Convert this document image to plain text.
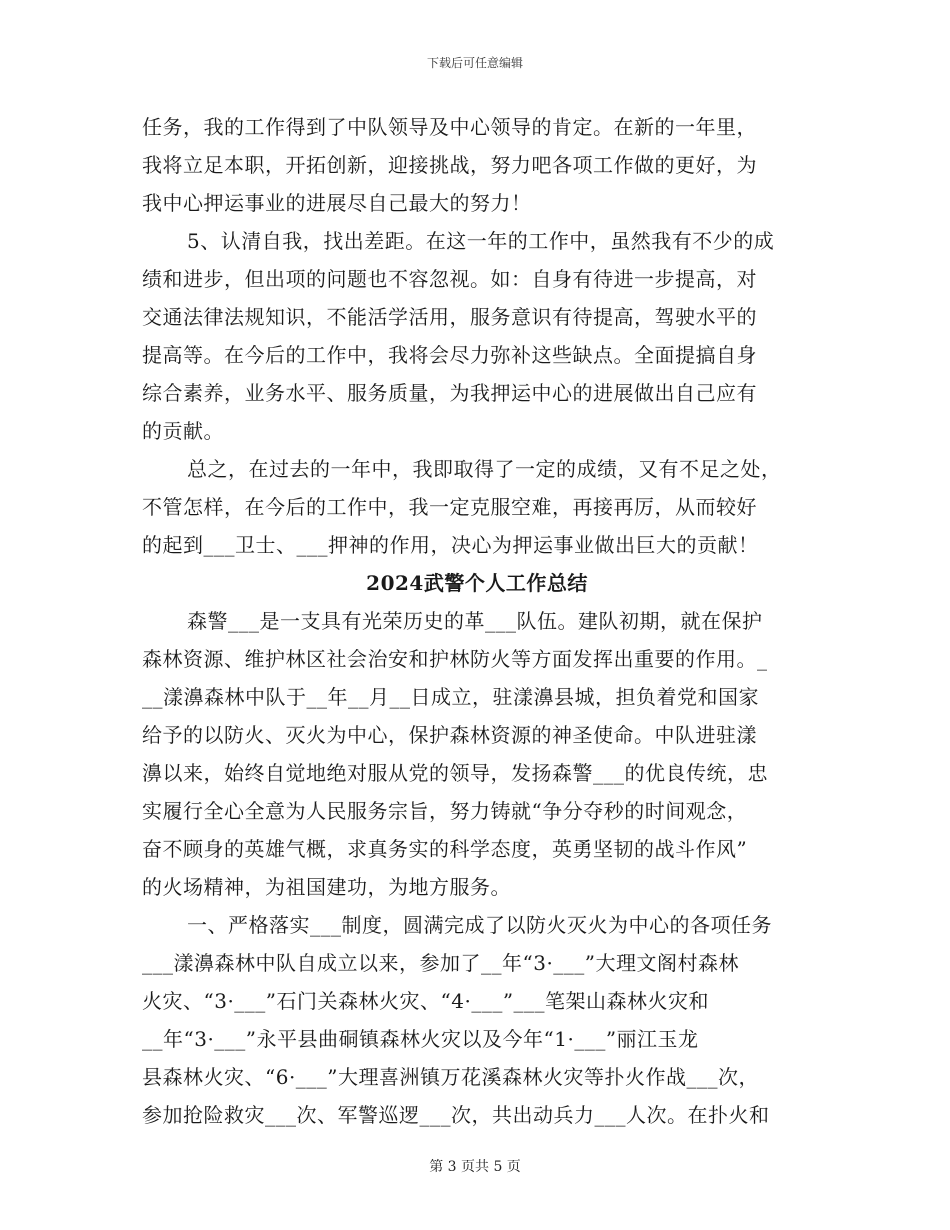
下载后可任意编辑
任务，我的工作得到了中队领导及中心领导的肯定。在新的一年里，
我将立足本职，开拓创新，迎接挑战，努力吧各项工作做的更好，为
我中心押运事业的进展尽自己最大的努力！
5、认清自我，找出差距。在这一年的工作中，虽然我有不少的成
绩和进步，但出项的问题也不容忽视。如：自身有待进一步提高，对
交通法律法规知识，不能活学活用，服务意识有待提高，驾驶水平的
提高等。在今后的工作中，我将会尽力弥补这些缺点。全面提搞自身
综合素养，业务水平、服务质量，为我押运中心的进展做出自己应有
的贡献。
总之，在过去的一年中，我即取得了一定的成绩，又有不足之处，
不管怎样，在今后的工作中，我一定克服空难，再接再厉，从而较好
的起到___卫士、___押神的作用，决心为押运事业做出巨大的贡献！
2024武警个人工作总结
森警___是一支具有光荣历史的革___队伍。建队初期，就在保护
森林资源、维护林区社会治安和护林防火等方面发挥出重要的作用。_
__漾濞森林中队于__年__月__日成立，驻漾濞县城，担负着党和国家
给予的以防火、灭火为中心，保护森林资源的神圣使命。中队进驻漾
濞以来，始终自觉地绝对服从党的领导，发扬森警___的优良传统，忠
实履行全心全意为人民服务宗旨，努力铸就“争分夺秒的时间观念，
奋不顾身的英雄气概，求真务实的科学态度，英勇坚韧的战斗作风”
的火场精神，为祖国建功，为地方服务。
一、严格落实___制度，圆满完成了以防火灭火为中心的各项任务
___漾濞森林中队自成立以来，参加了__年“3·___”大理文阁村森林
火灾、“3·___”石门关森林火灾、“4·___”___笔架山森林火灾和
__年“3·___”永平县曲硐镇森林火灾以及今年“1·___”丽江玉龙
县森林火灾、“6·___”大理喜洲镇万花溪森林火灾等扑火作战___次，
参加抢险救灾___次、军警巡逻___次，共出动兵力___人次。在扑火和
第 3 页共 5 页
